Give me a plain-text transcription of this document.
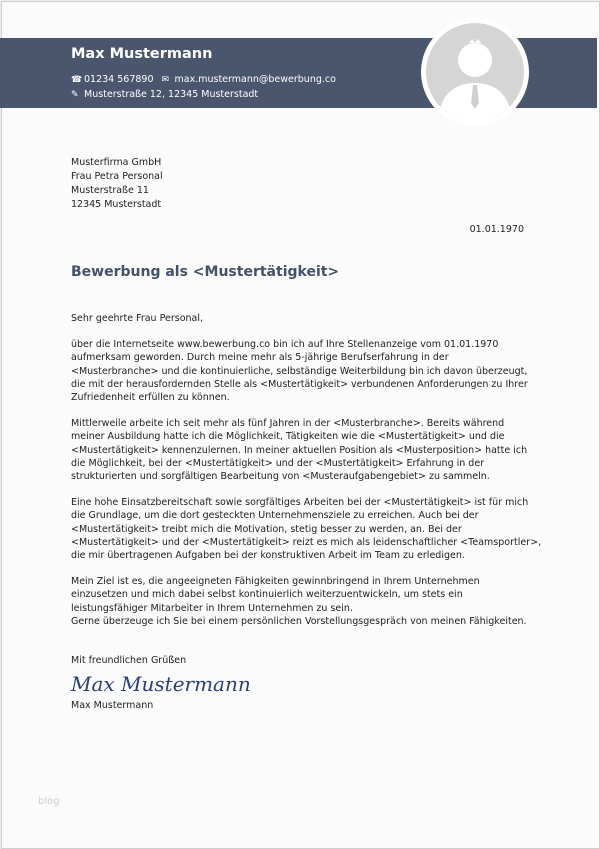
Max Mustermann
☎ 01234 567890 ✉ max.mustermann@bewerbung.co
✎ Musterstraße 12, 12345 Musterstadt
Musterfirma GmbH
Frau Petra Personal
Musterstraße 11
12345 Musterstadt
01.01.1970
Bewerbung als <Mustertätigkeit>

Sehr geehrte Frau Personal,

über die Internetseite www.bewerbung.co bin ich auf Ihre Stellenanzeige vom 01.01.1970
aufmerksam geworden. Durch meine mehr als 5-jährige Berufserfahrung in der
<Musterbranche> und die kontinuierliche, selbständige Weiterbildung bin ich davon überzeugt,
die mit der herausfordernden Stelle als <Mustertätigkeit> verbundenen Anforderungen zu Ihrer
Zufriedenheit erfüllen zu können.

Mittlerweile arbeite ich seit mehr als fünf Jahren in der <Musterbranche>. Bereits während
meiner Ausbildung hatte ich die Möglichkeit, Tätigkeiten wie die <Mustertätigkeit> und die
<Mustertätigkeit> kennenzulernen. In meiner aktuellen Position als <Musterposition> hatte ich
die Möglichkeit, bei der <Mustertätigkeit> und der <Mustertätigkeit> Erfahrung in der
strukturierten und sorgfältigen Bearbeitung von <Musteraufgabengebiet> zu sammeln.

Eine hohe Einsatzbereitschaft sowie sorgfältiges Arbeiten bei der <Mustertätigkeit> ist für mich
die Grundlage, um die dort gesteckten Unternehmensziele zu erreichen. Auch bei der
<Mustertätigkeit> treibt mich die Motivation, stetig besser zu werden, an. Bei der
<Mustertätigkeit> und der <Mustertätigkeit> reizt es mich als leidenschaftlicher <Teamsportler>,
die mir übertragenen Aufgaben bei der konstruktiven Arbeit im Team zu erledigen.

Mein Ziel ist es, die angeeigneten Fähigkeiten gewinnbringend in Ihrem Unternehmen
einzusetzen und mich dabei selbst kontinuierlich weiterzuentwickeln, um stets ein
leistungsfähiger Mitarbeiter in Ihrem Unternehmen zu sein.
Gerne überzeuge ich Sie bei einem persönlichen Vorstellungsgespräch von meinen Fähigkeiten.

Mit freundlichen Grüßen
Max Mustermann
Max Mustermann
blog
